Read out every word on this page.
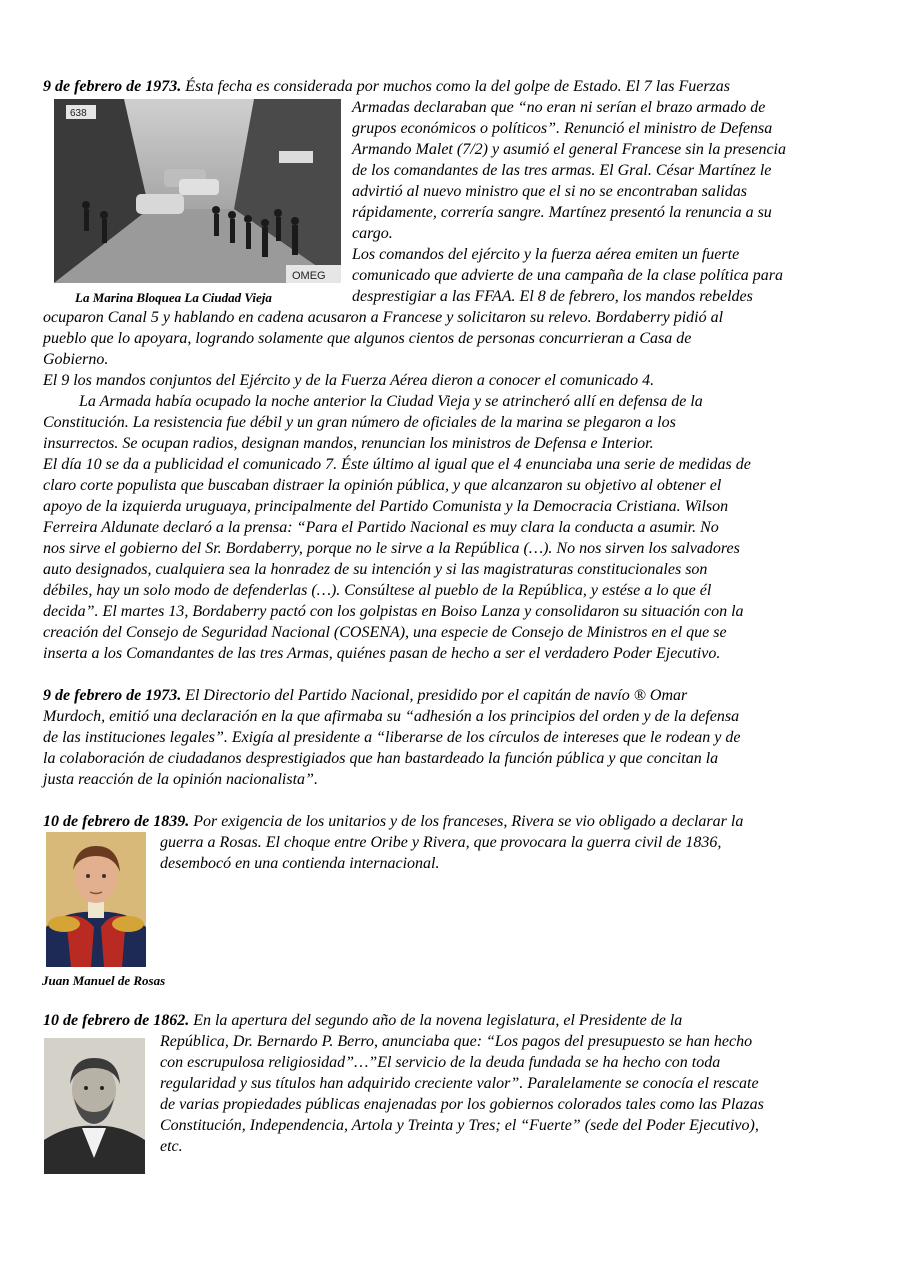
638
OMEG
La Marina Bloquea La Ciudad Vieja
Juan Manuel de Rosas
9 de febrero de 1973. Ésta fecha es considerada por muchos como la del golpe de Estado. El 7 las Fuerzas
Armadas declaraban que “no eran ni serían el brazo armado de
grupos económicos o políticos”. Renunció el ministro de Defensa
Armando Malet (7/2) y asumió el general Francese sin la presencia
de los comandantes de las tres armas. El Gral. César Martínez le
advirtió al nuevo ministro que el si no se encontraban salidas
rápidamente, correría sangre. Martínez presentó la renuncia a su
cargo.
Los comandos del ejército y la fuerza aérea emiten un fuerte
comunicado que advierte de una campaña de la clase política para
desprestigiar a las FFAA. El 8 de febrero, los mandos rebeldes
ocuparon Canal 5 y hablando en cadena acusaron a Francese y solicitaron su relevo. Bordaberry pidió al
pueblo que lo apoyara, logrando solamente que algunos cientos de personas concurrieran a Casa de
Gobierno.
El 9 los mandos conjuntos del Ejército y de la Fuerza Aérea dieron a conocer el comunicado 4.
La Armada había ocupado la noche anterior la Ciudad Vieja y se atrincheró allí en defensa de la
Constitución. La resistencia fue débil y un gran número de oficiales de la marina se plegaron a los
insurrectos. Se ocupan radios, designan mandos, renuncian los ministros de Defensa e Interior.
El día 10 se da a publicidad el comunicado 7. Éste último al igual que el 4 enunciaba una serie de medidas de
claro corte populista que buscaban distraer la opinión pública, y que alcanzaron su objetivo al obtener el
apoyo de la izquierda uruguaya, principalmente del Partido Comunista y la Democracia Cristiana. Wilson
Ferreira Aldunate declaró a la prensa: “Para el Partido Nacional es muy clara la conducta a asumir. No
nos sirve el gobierno del Sr. Bordaberry, porque no le sirve a la República (…). No nos sirven los salvadores
auto designados, cualquiera sea la honradez de su intención y si las magistraturas constitucionales son
débiles, hay un solo modo de defenderlas (…). Consúltese al pueblo de la República, y estése a lo que él
decida”. El martes 13, Bordaberry pactó con los golpistas en Boiso Lanza y consolidaron su situación con la
creación del Consejo de Seguridad Nacional (COSENA), una especie de Consejo de Ministros en el que se
inserta a los Comandantes de las tres Armas, quiénes pasan de hecho a ser el verdadero Poder Ejecutivo.
9 de febrero de 1973. El Directorio del Partido Nacional, presidido por el capitán de navío ® Omar
Murdoch, emitió una declaración en la que afirmaba su “adhesión a los principios del orden y de la defensa
de las instituciones legales”. Exigía al presidente a “liberarse de los círculos de intereses que le rodean y de
la colaboración de ciudadanos desprestigiados que han bastardeado la función pública y que concitan la
justa reacción de la opinión nacionalista”.
10 de febrero de 1839. Por exigencia de los unitarios y de los franceses, Rivera se vio obligado a declarar la
guerra a Rosas. El choque entre Oribe y Rivera, que provocara la guerra civil de 1836,
desembocó en una contienda internacional.
10 de febrero de 1862. En la apertura del segundo año de la novena legislatura, el Presidente de la
República, Dr. Bernardo P. Berro, anunciaba que: “Los pagos del presupuesto se han hecho
con escrupulosa religiosidad”…”El servicio de la deuda fundada se ha hecho con toda
regularidad y sus títulos han adquirido creciente valor”. Paralelamente se conocía el rescate
de varias propiedades públicas enajenadas por los gobiernos colorados tales como las Plazas
Constitución, Independencia, Artola y Treinta y Tres; el “Fuerte” (sede del Poder Ejecutivo),
etc.
